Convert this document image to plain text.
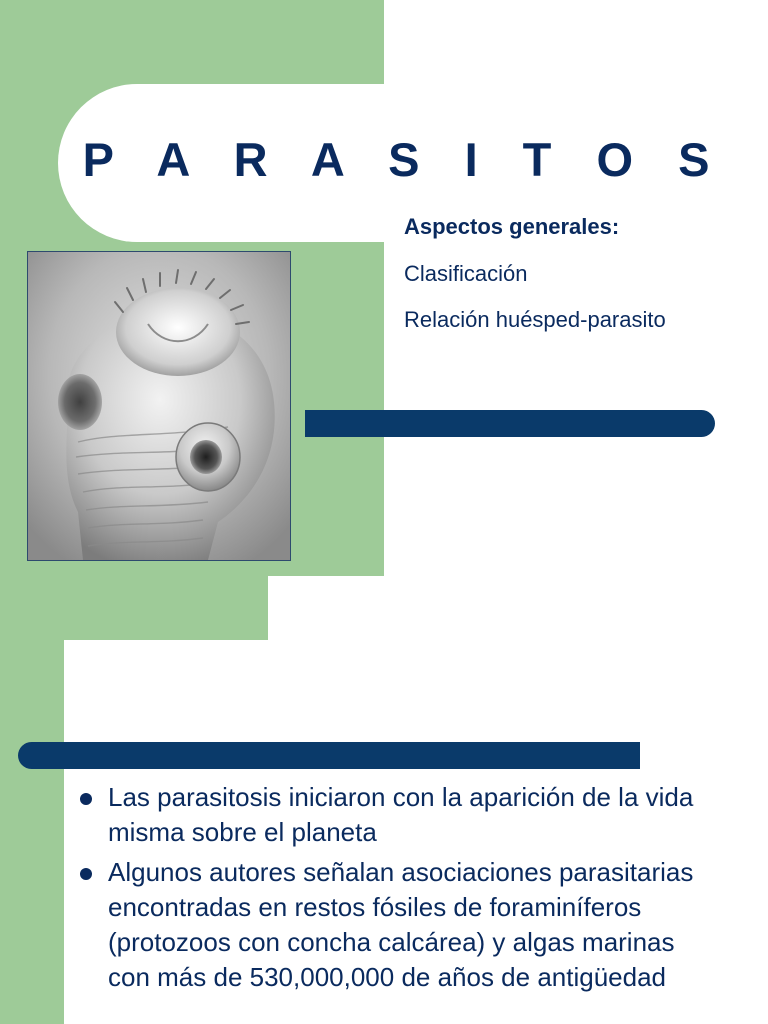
P A R A S I T O S
Aspectos generales:
Clasificación
Relación huésped-parasito
Las parasitosis iniciaron con la aparición de la vida misma sobre el planeta
Algunos autores señalan asociaciones parasitarias encontradas en restos fósiles de foraminíferos (protozoos con concha calcárea) y algas marinas con más de 530,000,000 de años de antigüedad
